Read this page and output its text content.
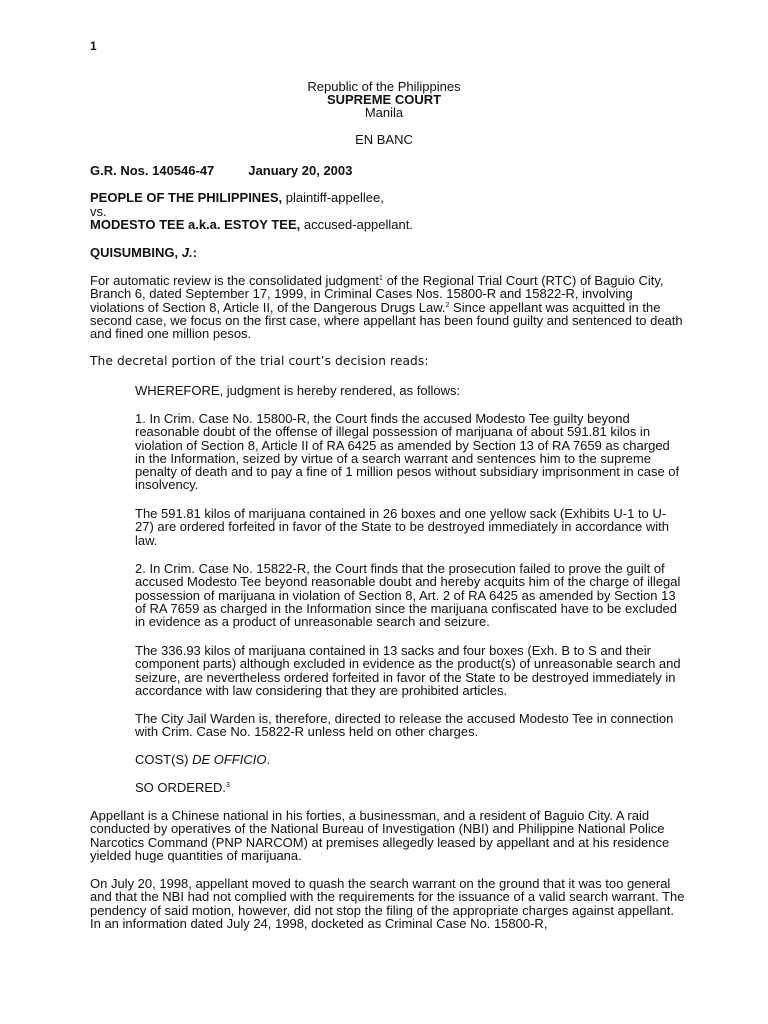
1
Republic of the Philippines
SUPREME COURT
Manila
EN BANC
G.R. Nos. 140546-47	January 20, 2003
PEOPLE OF THE PHILIPPINES, plaintiff-appellee,
vs.
MODESTO TEE a.k.a. ESTOY TEE, accused-appellant.
QUISUMBING, J.:
For automatic review is the consolidated judgment$^1$ of the Regional Trial Court (RTC) of Baguio City, Branch 6, dated September 17, 1999, in Criminal Cases Nos. 15800-R and 15822-R, involving violations of Section 8, Article II, of the Dangerous Drugs Law.$^2$ Since appellant was acquitted in the second case, we focus on the first case, where appellant has been found guilty and sentenced to death and fined one million pesos.
The decretal portion of the trial court’s decision reads:
WHEREFORE, judgment is hereby rendered, as follows:
1. In Crim. Case No. 15800-R, the Court finds the accused Modesto Tee guilty beyond reasonable doubt of the offense of illegal possession of marijuana of about 591.81 kilos in violation of Section 8, Article II of RA 6425 as amended by Section 13 of RA 7659 as charged in the Information, seized by virtue of a search warrant and sentences him to the supreme penalty of death and to pay a fine of 1 million pesos without subsidiary imprisonment in case of insolvency.
The 591.81 kilos of marijuana contained in 26 boxes and one yellow sack (Exhibits U-1 to U-27) are ordered forfeited in favor of the State to be destroyed immediately in accordance with law.
2. In Crim. Case No. 15822-R, the Court finds that the prosecution failed to prove the guilt of accused Modesto Tee beyond reasonable doubt and hereby acquits him of the charge of illegal possession of marijuana in violation of Section 8, Art. 2 of RA 6425 as amended by Section 13 of RA 7659 as charged in the Information since the marijuana confiscated have to be excluded in evidence as a product of unreasonable search and seizure.
The 336.93 kilos of marijuana contained in 13 sacks and four boxes (Exh. B to S and their component parts) although excluded in evidence as the product(s) of unreasonable search and seizure, are nevertheless ordered forfeited in favor of the State to be destroyed immediately in accordance with law considering that they are prohibited articles.
The City Jail Warden is, therefore, directed to release the accused Modesto Tee in connection with Crim. Case No. 15822-R unless held on other charges.
COST(S) DE OFFICIO.
SO ORDERED.$^3$
Appellant is a Chinese national in his forties, a businessman, and a resident of Baguio City. A raid conducted by operatives of the National Bureau of Investigation (NBI) and Philippine National Police Narcotics Command (PNP NARCOM) at premises allegedly leased by appellant and at his residence yielded huge quantities of marijuana.
On July 20, 1998, appellant moved to quash the search warrant on the ground that it was too general and that the NBI had not complied with the requirements for the issuance of a valid search warrant. The pendency of said motion, however, did not stop the filing of the appropriate charges against appellant. In an information dated July 24, 1998, docketed as Criminal Case No. 15800-R,
